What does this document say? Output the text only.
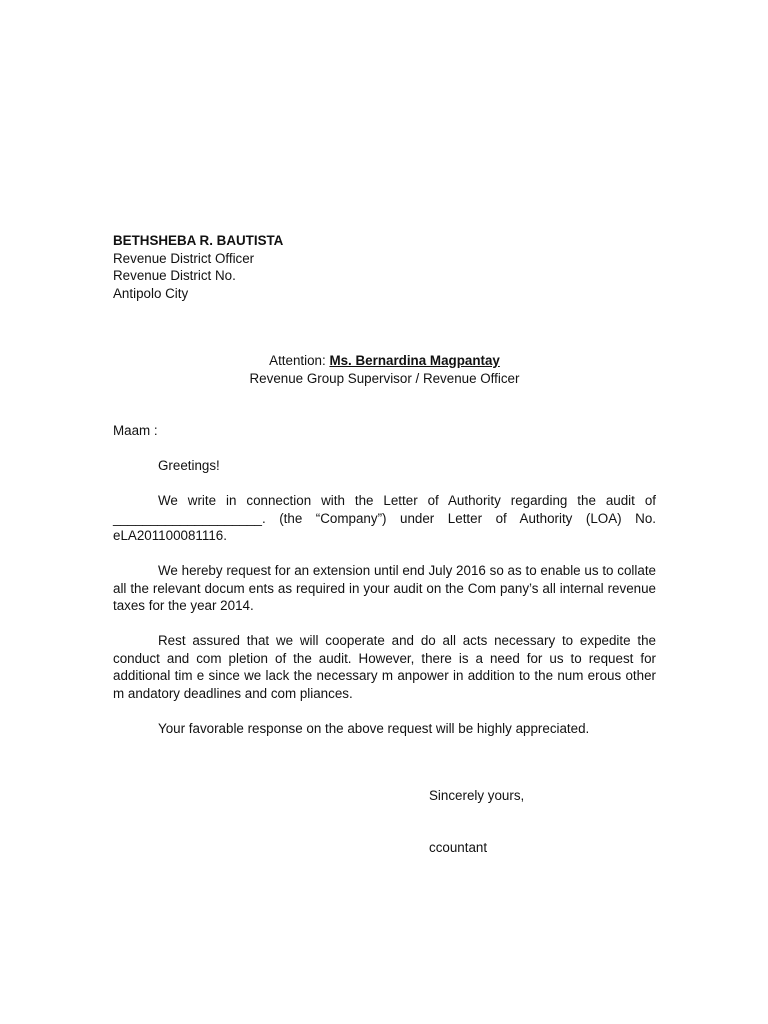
BETHSHEBA R. BAUTISTA
Revenue District Officer
Revenue District No.
Antipolo City
Attention: Ms. Bernardina Magpantay
Revenue Group Supervisor / Revenue Officer
Maam :

Greetings!

We write in connection with the Letter of Authority regarding the audit of ____________________. (the “Company”) under Letter of Authority (LOA) No. eLA201100081116.

We hereby request for an extension until end July 2016 so as to enable us to collate all the relevant docum ents as required in your audit on the Com pany’s all internal revenue taxes for the year 2014.

Rest assured that we will cooperate and do all acts necessary to expedite the conduct and com pletion of the audit. However, there is a need for us to request for additional tim e since we lack the necessary m anpower in addition to the num erous other m andatory deadlines and com pliances.

Your favorable response on the above request will be highly appreciated.

Sincerely yours,
ccountant
